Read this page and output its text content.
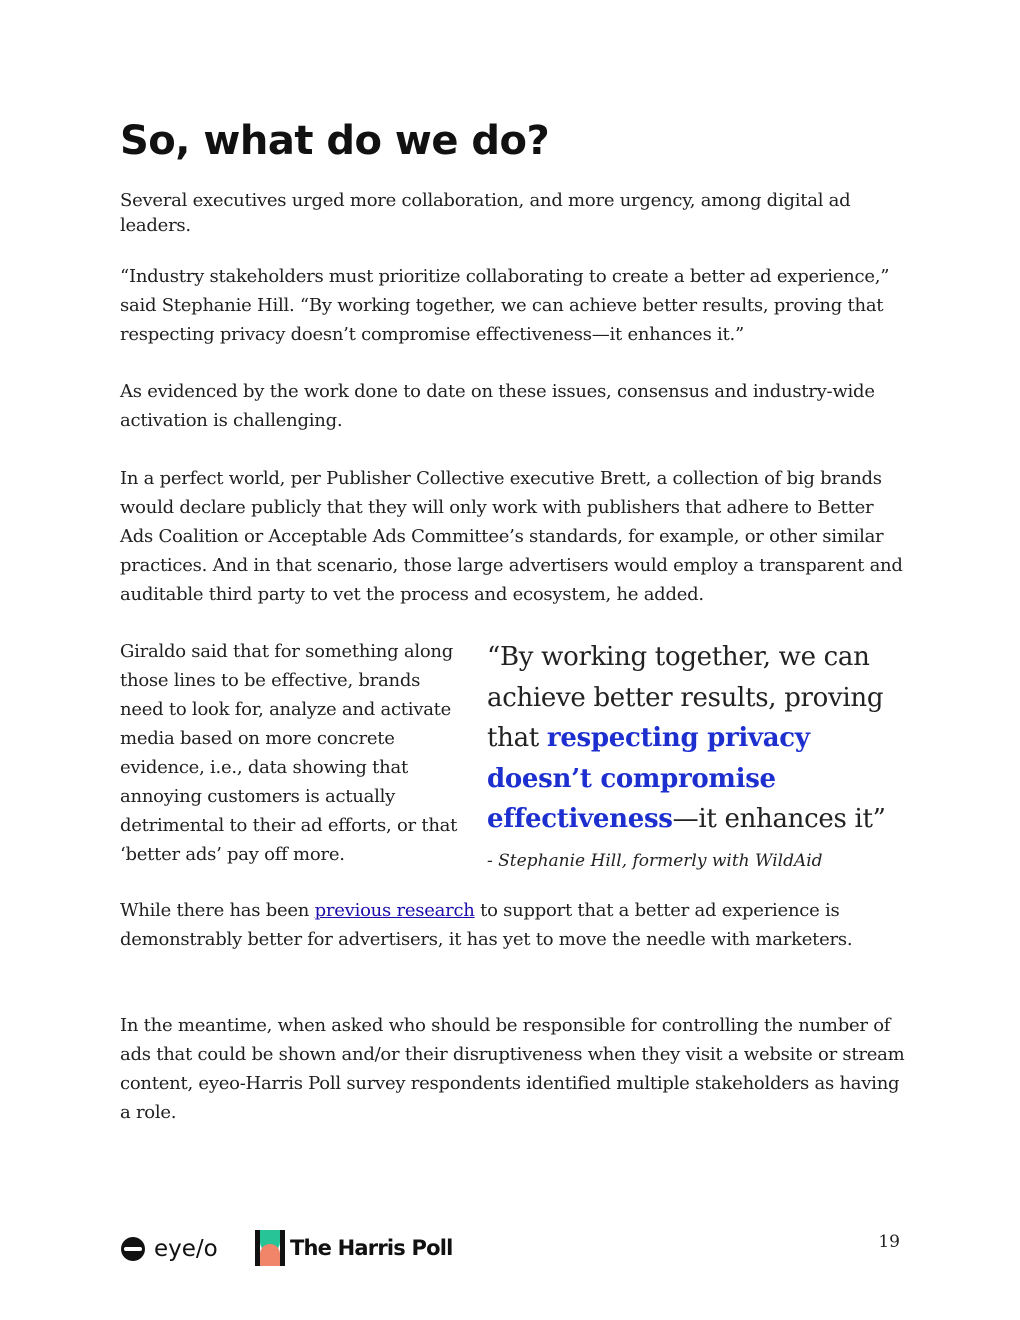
So, what do we do?

Several executives urged more collaboration, and more urgency, among digital ad leaders.

“Industry stakeholders must prioritize collaborating to create a better ad experience,” said Stephanie Hill. “By working together, we can achieve better results, proving that respecting privacy doesn’t compromise effectiveness—it enhances it.”

As evidenced by the work done to date on these issues, consensus and industry-wide activation is challenging.

In a perfect world, per Publisher Collective executive Brett, a collection of big brands would declare publicly that they will only work with publishers that adhere to Better Ads Coalition or Acceptable Ads Committee’s standards, for example, or other similar practices. And in that scenario, those large advertisers would employ a transparent and auditable third party to vet the process and ecosystem, he added.

Giraldo said that for something along those lines to be effective, brands need to look for, analyze and activate media based on more concrete evidence, i.e., data showing that annoying customers is actually detrimental to their ad efforts, or that ‘better ads’ pay off more.

“By working together, we can achieve better results, proving that respecting privacy doesn’t compromise effectiveness—it enhances it”

- Stephanie Hill, formerly with WildAid

While there has been previous research to support that a better ad experience is demonstrably better for advertisers, it has yet to move the needle with marketers.

In the meantime, when asked who should be responsible for controlling the number of ads that could be shown and/or their disruptiveness when they visit a website or stream content, eyeo-Harris Poll survey respondents identified multiple stakeholders as having a role.

eye/o	The Harris Poll	19
